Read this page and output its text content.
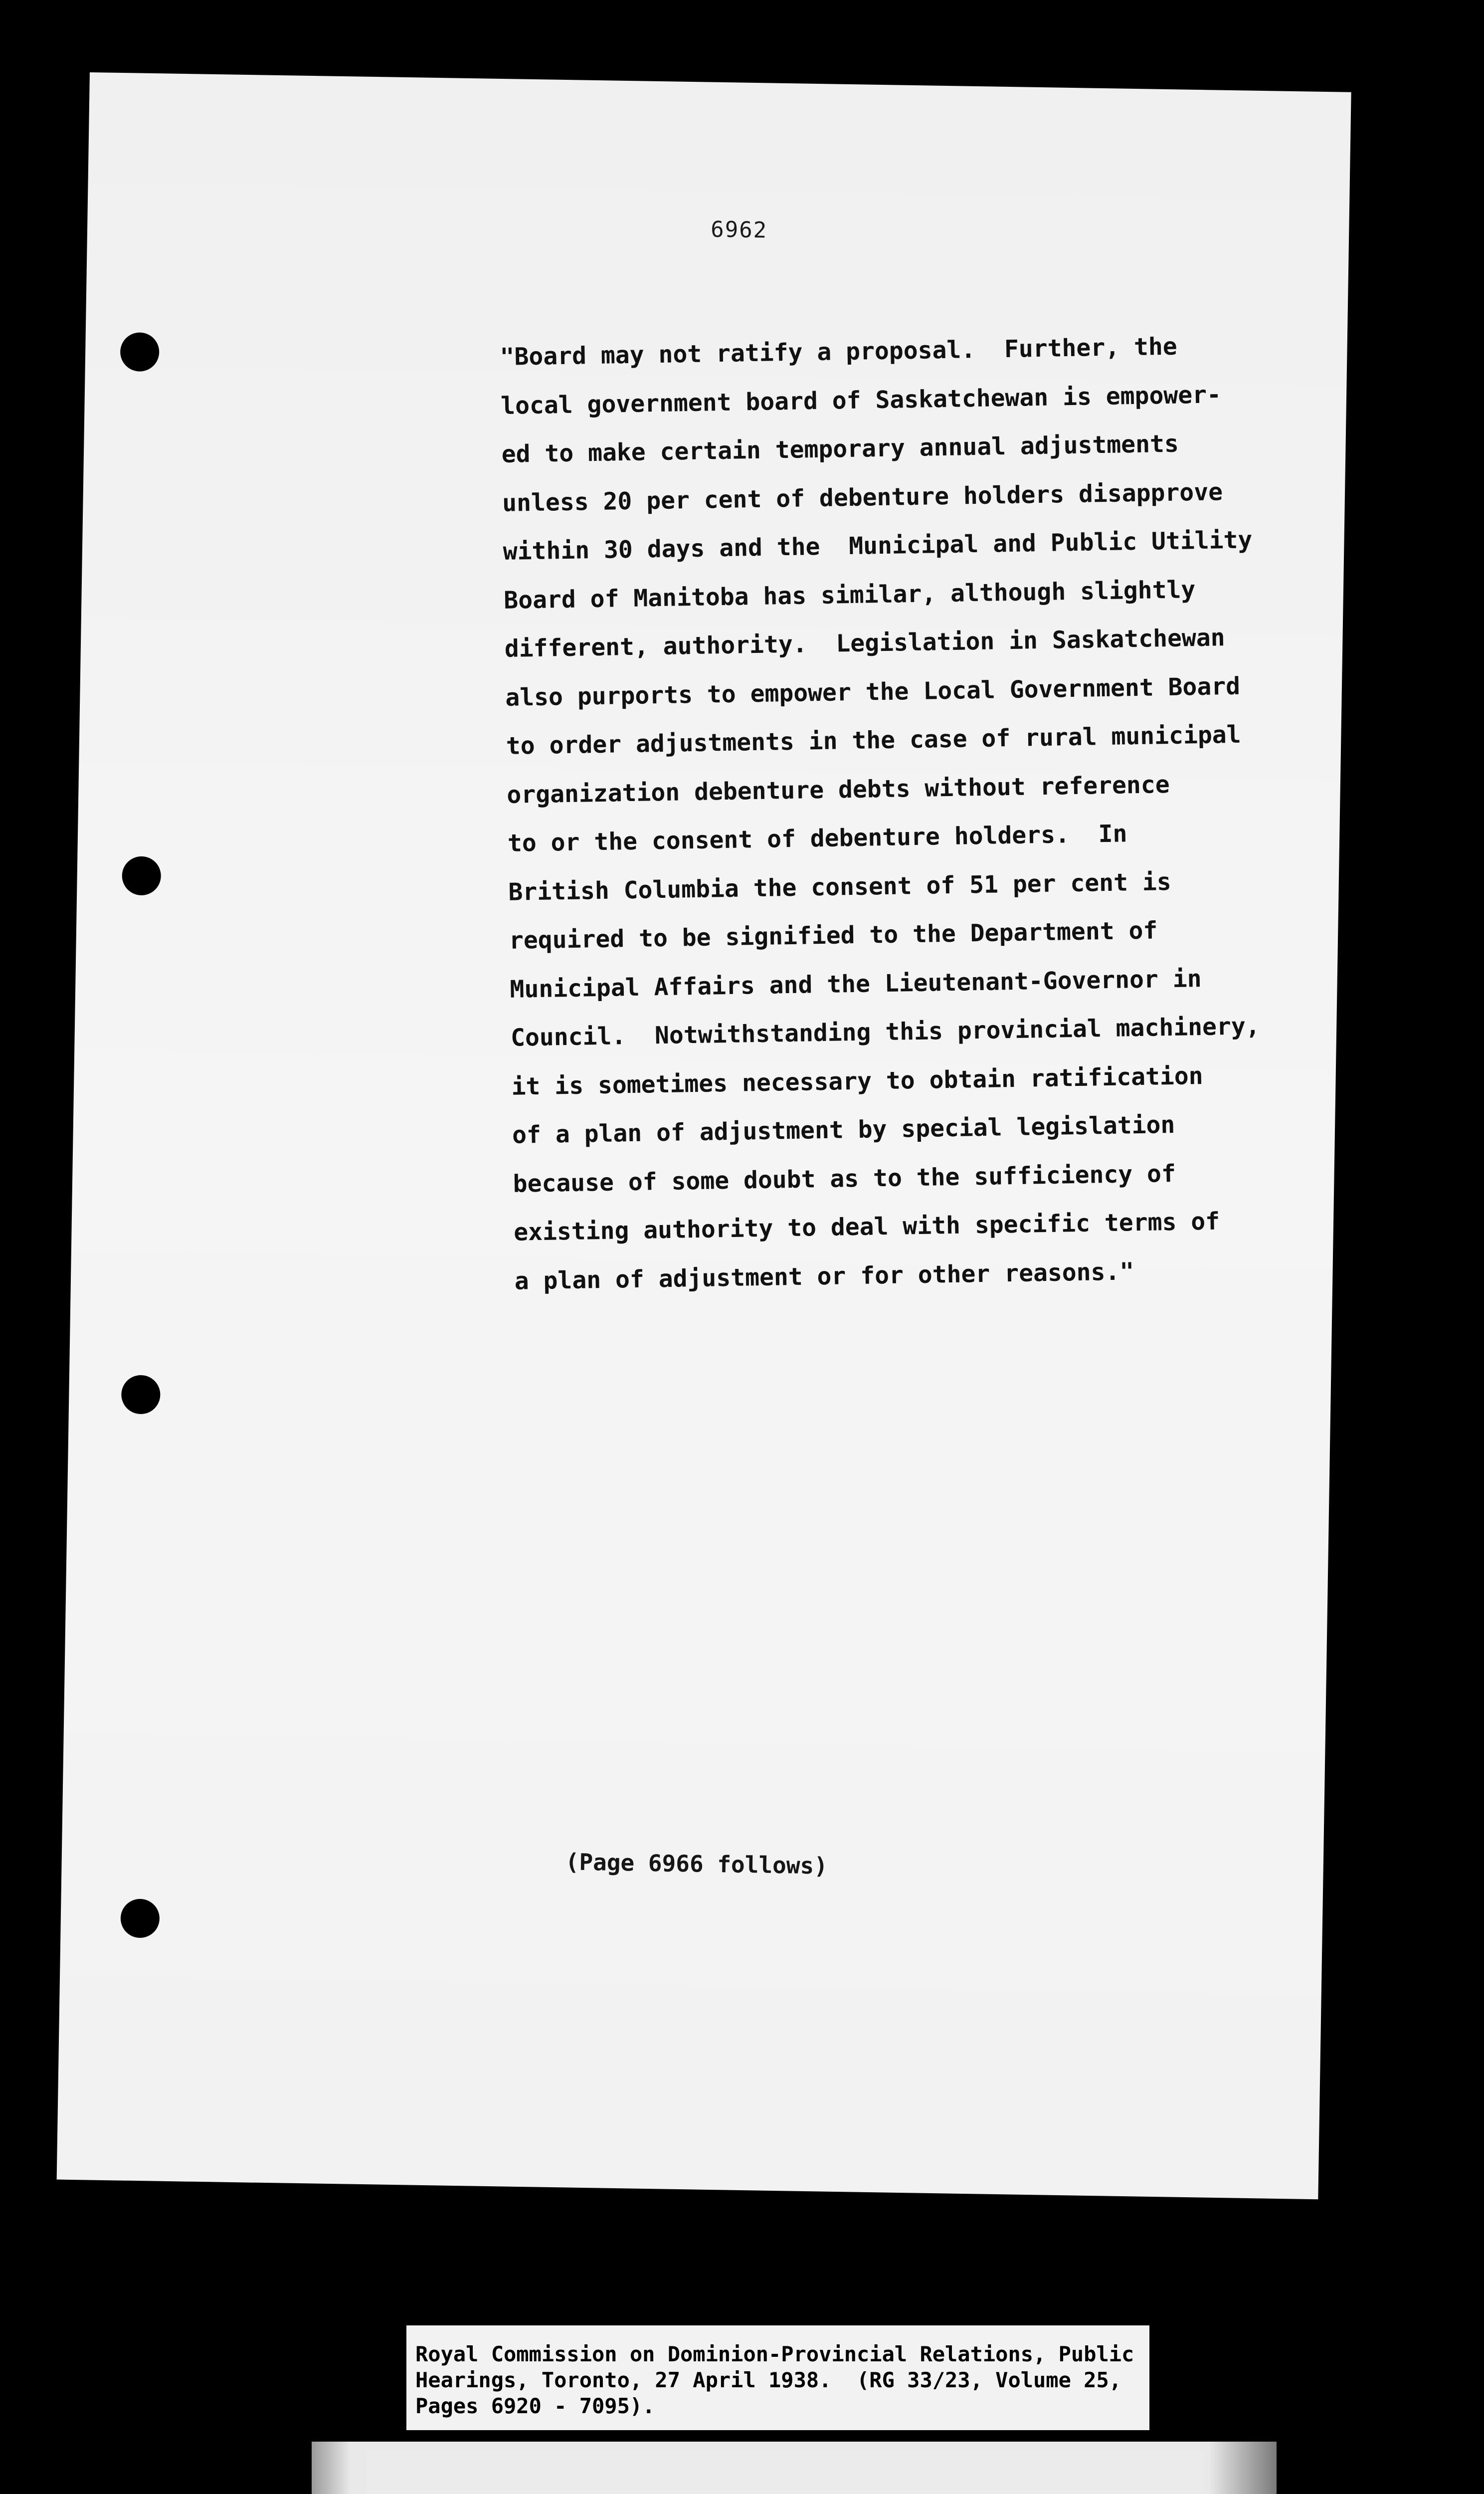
6962
"Board may not ratify a proposal.  Further, the
local government board of Saskatchewan is empower-
ed to make certain temporary annual adjustments
unless 20 per cent of debenture holders disapprove
within 30 days and the  Municipal and Public Utility
Board of Manitoba has similar, although slightly
different, authority.  Legislation in Saskatchewan
also purports to empower the Local Government Board
to order adjustments in the case of rural municipal
organization debenture debts without reference
to or the consent of debenture holders.  In
British Columbia the consent of 51 per cent is
required to be signified to the Department of
Municipal Affairs and the Lieutenant-Governor in
Council.  Notwithstanding this provincial machinery,
it is sometimes necessary to obtain ratification
of a plan of adjustment by special legislation
because of some doubt as to the sufficiency of
existing authority to deal with specific terms of
a plan of adjustment or for other reasons."
(Page 6966 follows)
Royal Commission on Dominion-Provincial Relations, Public
Hearings, Toronto, 27 April 1938.  (RG 33/23, Volume 25,
Pages 6920 - 7095).
